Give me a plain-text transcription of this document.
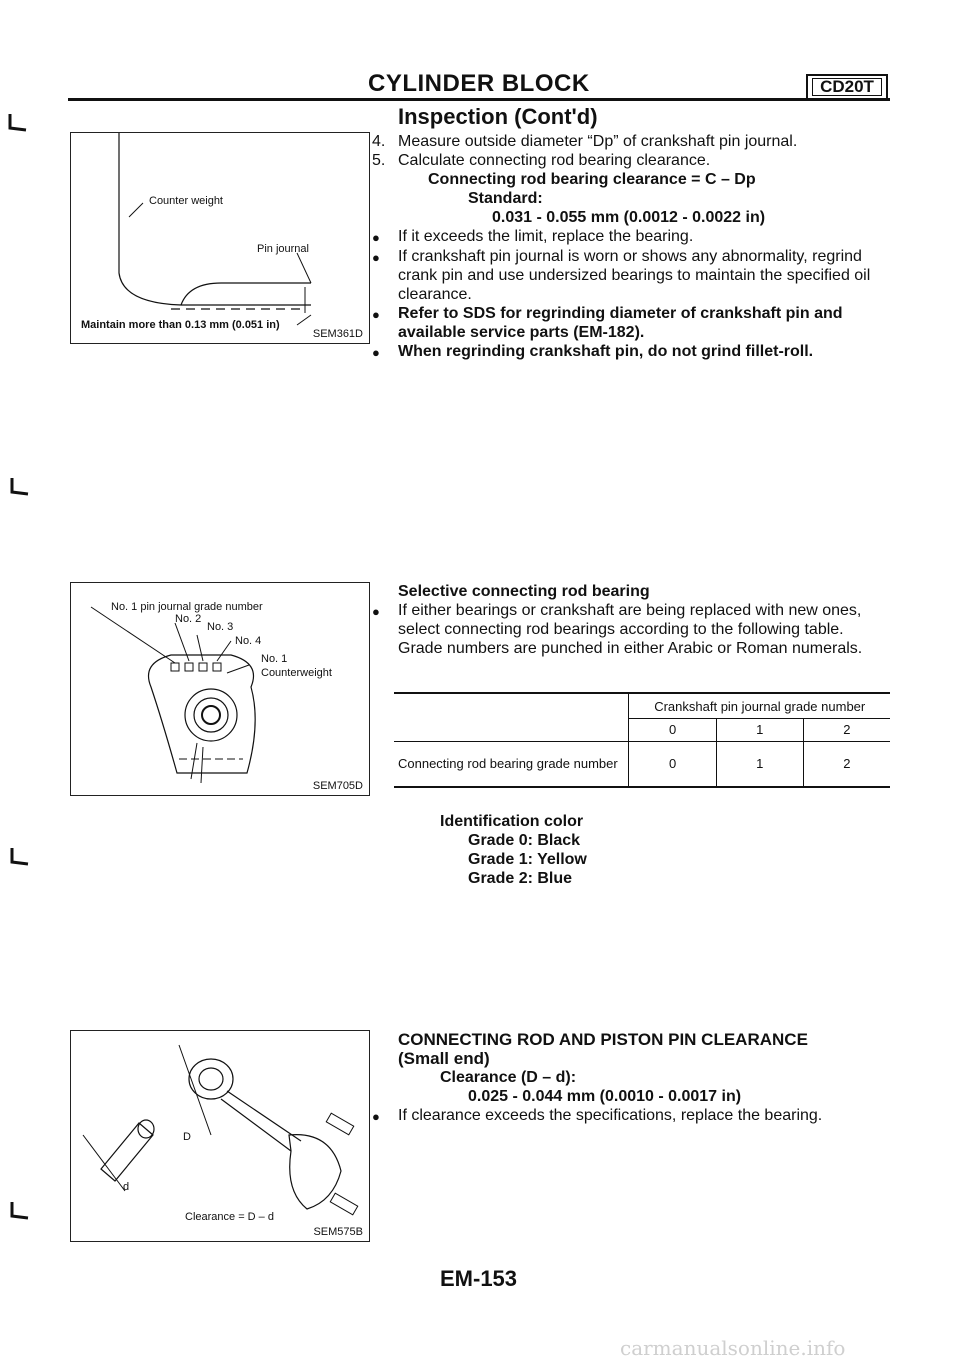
CYLINDER BLOCK	CD20T
Inspection (Cont'd)
4. Measure outside diameter “Dp” of crankshaft pin journal.
5. Calculate connecting rod bearing clearance.
Connecting rod bearing clearance = C – Dp
Standard:
0.031 - 0.055 mm (0.0012 - 0.0022 in)
●	If it exceeds the limit, replace the bearing.
●	If crankshaft pin journal is worn or shows any abnormality, regrind crank pin and use undersized bearings to maintain the specified oil clearance.
●	Refer to SDS for regrinding diameter of crankshaft pin and available service parts (EM-182).
●	When regrinding crankshaft pin, do not grind fillet-roll.
Counter weight
Pin journal
Maintain more than 0.13 mm (0.051 in)
SEM361D
Selective connecting rod bearing
●	If either bearings or crankshaft are being replaced with new ones, select connecting rod bearings according to the following table. Grade numbers are punched in either Arabic or Roman numerals.
	Crankshaft pin journal grade number		
	0	1	2
Connecting rod bearing grade number	0	1	2
Identification color
Grade 0: Black
Grade 1: Yellow
Grade 2: Blue
No. 1 pin journal grade number
No. 2
No. 3
No. 4
No. 1
Counterweight
SEM705D
CONNECTING ROD AND PISTON PIN CLEARANCE
(Small end)
Clearance (D – d):
0.025 - 0.044 mm (0.0010 - 0.0017 in)
●	If clearance exceeds the specifications, replace the bearing.
D
d
Clearance = D – d
SEM575B
EM-153
carmanualsonline.info
